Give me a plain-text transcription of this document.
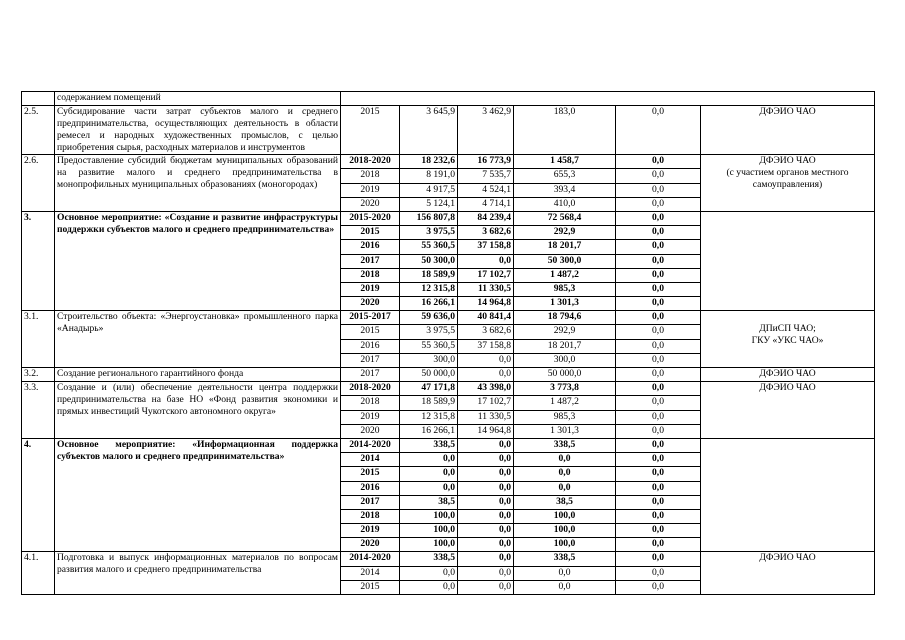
	содержанием помещений						
2.5.	Субсидирование части затрат субъектов малого и среднего предпринимательства, осуществляющих деятельность в области ремесел и народных художественных промыслов, с целью приобретения сырья, расходных материалов и инструментов	2015	3 645,9	3 462,9	183,0	0,0	ДФЭИО ЧАО
2.6.	Предоставление субсидий бюджетам муниципальных образований на развитие малого и среднего предпринимательства в монопрофильных муниципальных образованиях (моногородах)	2018-2020	18 232,6	16 773,9	1 458,7	0,0	ДФЭИО ЧАО
(с участием органов местного самоуправления)
		2018	8 191,0	7 535,7	655,3	0,0	
		2019	4 917,5	4 524,1	393,4	0,0	
		2020	5 124,1	4 714,1	410,0	0,0	
3.	Основное мероприятие: «Создание и развитие инфраструктуры поддержки субъектов малого и среднего предпринимательства»	2015-2020	156 807,8	84 239,4	72 568,4	0,0	
		2015	3 975,5	3 682,6	292,9	0,0	
		2016	55 360,5	37 158,8	18 201,7	0,0	
		2017	50 300,0	0,0	50 300,0	0,0	
		2018	18 589,9	17 102,7	1 487,2	0,0	
		2019	12 315,8	11 330,5	985,3	0,0	
		2020	16 266,1	14 964,8	1 301,3	0,0	
3.1.	Строительство объекта: «Энергоустановка» промышленного парка «Анадырь»	2015-2017	59 636,0	40 841,4	18 794,6	0,0	
ДПиСП ЧАО;
ГКУ «УКС ЧАО»
		2015	3 975,5	3 682,6	292,9	0,0	
		2016	55 360,5	37 158,8	18 201,7	0,0	
		2017	300,0	0,0	300,0	0,0	
3.2.	Создание регионального гарантийного фонда	2017	50 000,0	0,0	50 000,0	0,0	ДФЭИО ЧАО
3.3.	Создание и (или) обеспечение деятельности центра поддержки предпринимательства на базе НО «Фонд развития экономики и прямых инвестиций Чукотского автономного округа»	2018-2020	47 171,8	43 398,0	3 773,8	0,0	ДФЭИО ЧАО
		2018	18 589,9	17 102,7	1 487,2	0,0	
		2019	12 315,8	11 330,5	985,3	0,0	
		2020	16 266,1	14 964,8	1 301,3	0,0	
4.	Основное мероприятие: «Информационная поддержка субъектов малого и среднего предпринимательства»	2014-2020	338,5	0,0	338,5	0,0	
		2014	0,0	0,0	0,0	0,0	
		2015	0,0	0,0	0,0	0,0	
		2016	0,0	0,0	0,0	0,0	
		2017	38,5	0,0	38,5	0,0	
		2018	100,0	0,0	100,0	0,0	
		2019	100,0	0,0	100,0	0,0	
		2020	100,0	0,0	100,0	0,0	
4.1.	Подготовка и выпуск информационных материалов по вопросам развития малого и среднего предпринимательства	2014-2020	338,5	0,0	338,5	0,0	ДФЭИО ЧАО
		2014	0,0	0,0	0,0	0,0	
		2015	0,0	0,0	0,0	0,0	
